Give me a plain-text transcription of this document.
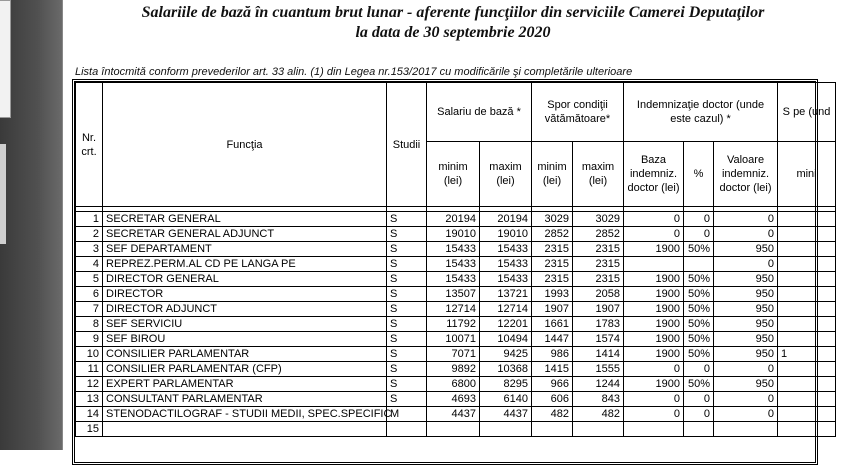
Salariile de bază în cuantum brut lunar - aferente funcţiilor din serviciile Camerei Deputaţilor
la data de 30 septembrie 2020
Lista întocmită conform prevederilor art. 33 alin. (1) din Legea nr.153/2017 cu modificările şi completările ulterioare
Nr. crt.	Funcţia	Studii	Salariu de bază *		Spor condiţii vătămătoare*		Indemnizaţie doctor (unde este cazul) *			S pe (und
			minim (lei)	maxim (lei)	minim (lei)	maxim (lei)	Baza indemniz. doctor (lei)	%	Valoare indemniz. doctor (lei)	mini

1	SECRETAR GENERAL	S	20194	20194	3029	3029	0	0	0	
2	SECRETAR GENERAL ADJUNCT	S	19010	19010	2852	2852	0	0	0	
3	SEF DEPARTAMENT	S	15433	15433	2315	2315	1900	50%	950	
4	REPREZ.PERM.AL CD PE LANGA PE	S	15433	15433	2315	2315			0	
5	DIRECTOR GENERAL	S	15433	15433	2315	2315	1900	50%	950	
6	DIRECTOR	S	13507	13721	1993	2058	1900	50%	950	
7	DIRECTOR ADJUNCT	S	12714	12714	1907	1907	1900	50%	950	
8	SEF SERVICIU	S	11792	12201	1661	1783	1900	50%	950	
9	SEF BIROU	S	10071	10494	1447	1574	1900	50%	950	
10	CONSILIER PARLAMENTAR	S	7071	9425	986	1414	1900	50%	950	1
11	CONSILIER PARLAMENTAR (CFP)	S	9892	10368	1415	1555	0	0	0	
12	EXPERT PARLAMENTAR	S	6800	8295	966	1244	1900	50%	950	
13	CONSULTANT PARLAMENTAR	S	4693	6140	606	843	0	0	0	
14	STENODACTILOGRAF - STUDII MEDII, SPEC.SPECIFIC	M	4437	4437	482	482	0	0	0	
15										
